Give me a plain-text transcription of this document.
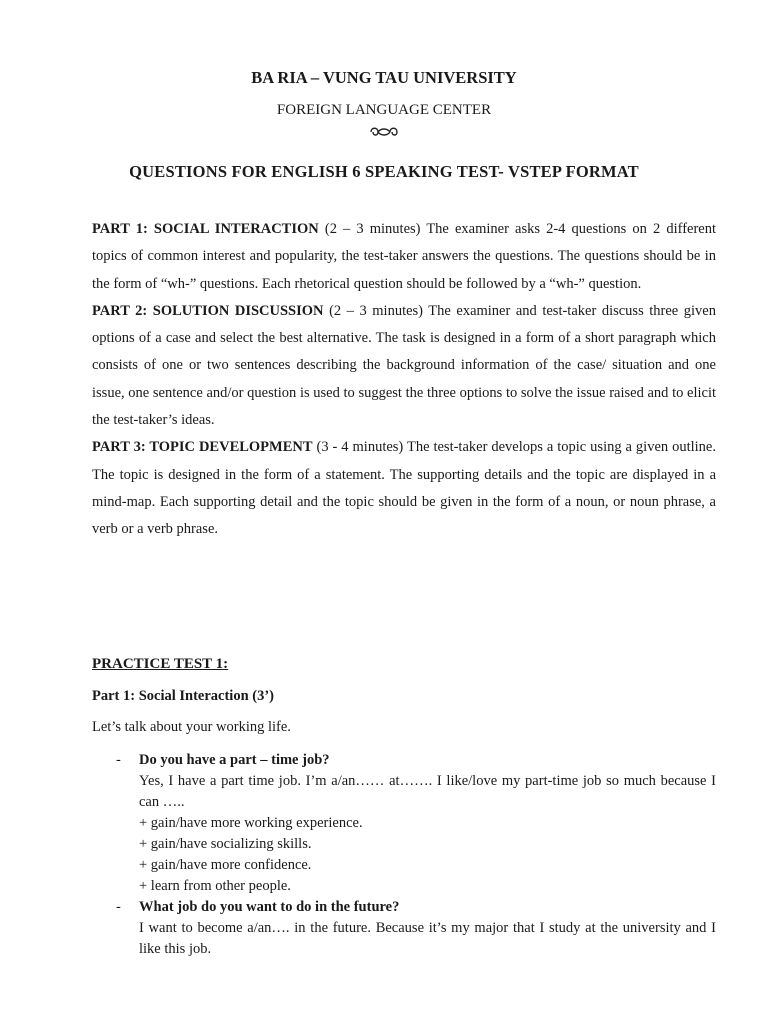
BA RIA – VUNG TAU UNIVERSITY
FOREIGN LANGUAGE CENTER
QUESTIONS FOR ENGLISH 6 SPEAKING TEST- VSTEP FORMAT

PART 1: SOCIAL INTERACTION (2 – 3 minutes) The examiner asks 2-4 questions on 2 different topics of common interest and popularity, the test-taker answers the questions. The questions should be in the form of “wh-” questions. Each rhetorical question should be followed by a “wh-” question.

PART 2: SOLUTION DISCUSSION (2 – 3 minutes) The examiner and test-taker discuss three given options of a case and select the best alternative. The task is designed in a form of a short paragraph which consists of one or two sentences describing the background information of the case/ situation and one issue, one sentence and/or question is used to suggest the three options to solve the issue raised and to elicit the test-taker’s ideas.

PART 3: TOPIC DEVELOPMENT (3 - 4 minutes) The test-taker develops a topic using a given outline. The topic is designed in the form of a statement. The supporting details and the topic are displayed in a mind-map. Each supporting detail and the topic should be given in the form of a noun, or noun phrase, a verb or a verb phrase.

PRACTICE TEST 1:
Part 1: Social Interaction (3’)
Let’s talk about your working life.
- Do you have a part – time job?
Yes, I have a part time job. I’m a/an…… at……. I like/love my part-time job so much because I can …..
+ gain/have more working experience.
+ gain/have socializing skills.
+ gain/have more confidence.
+ learn from other people.
- What job do you want to do in the future?
I want to become a/an…. in the future. Because it’s my major that I study at the university and I like this job.
